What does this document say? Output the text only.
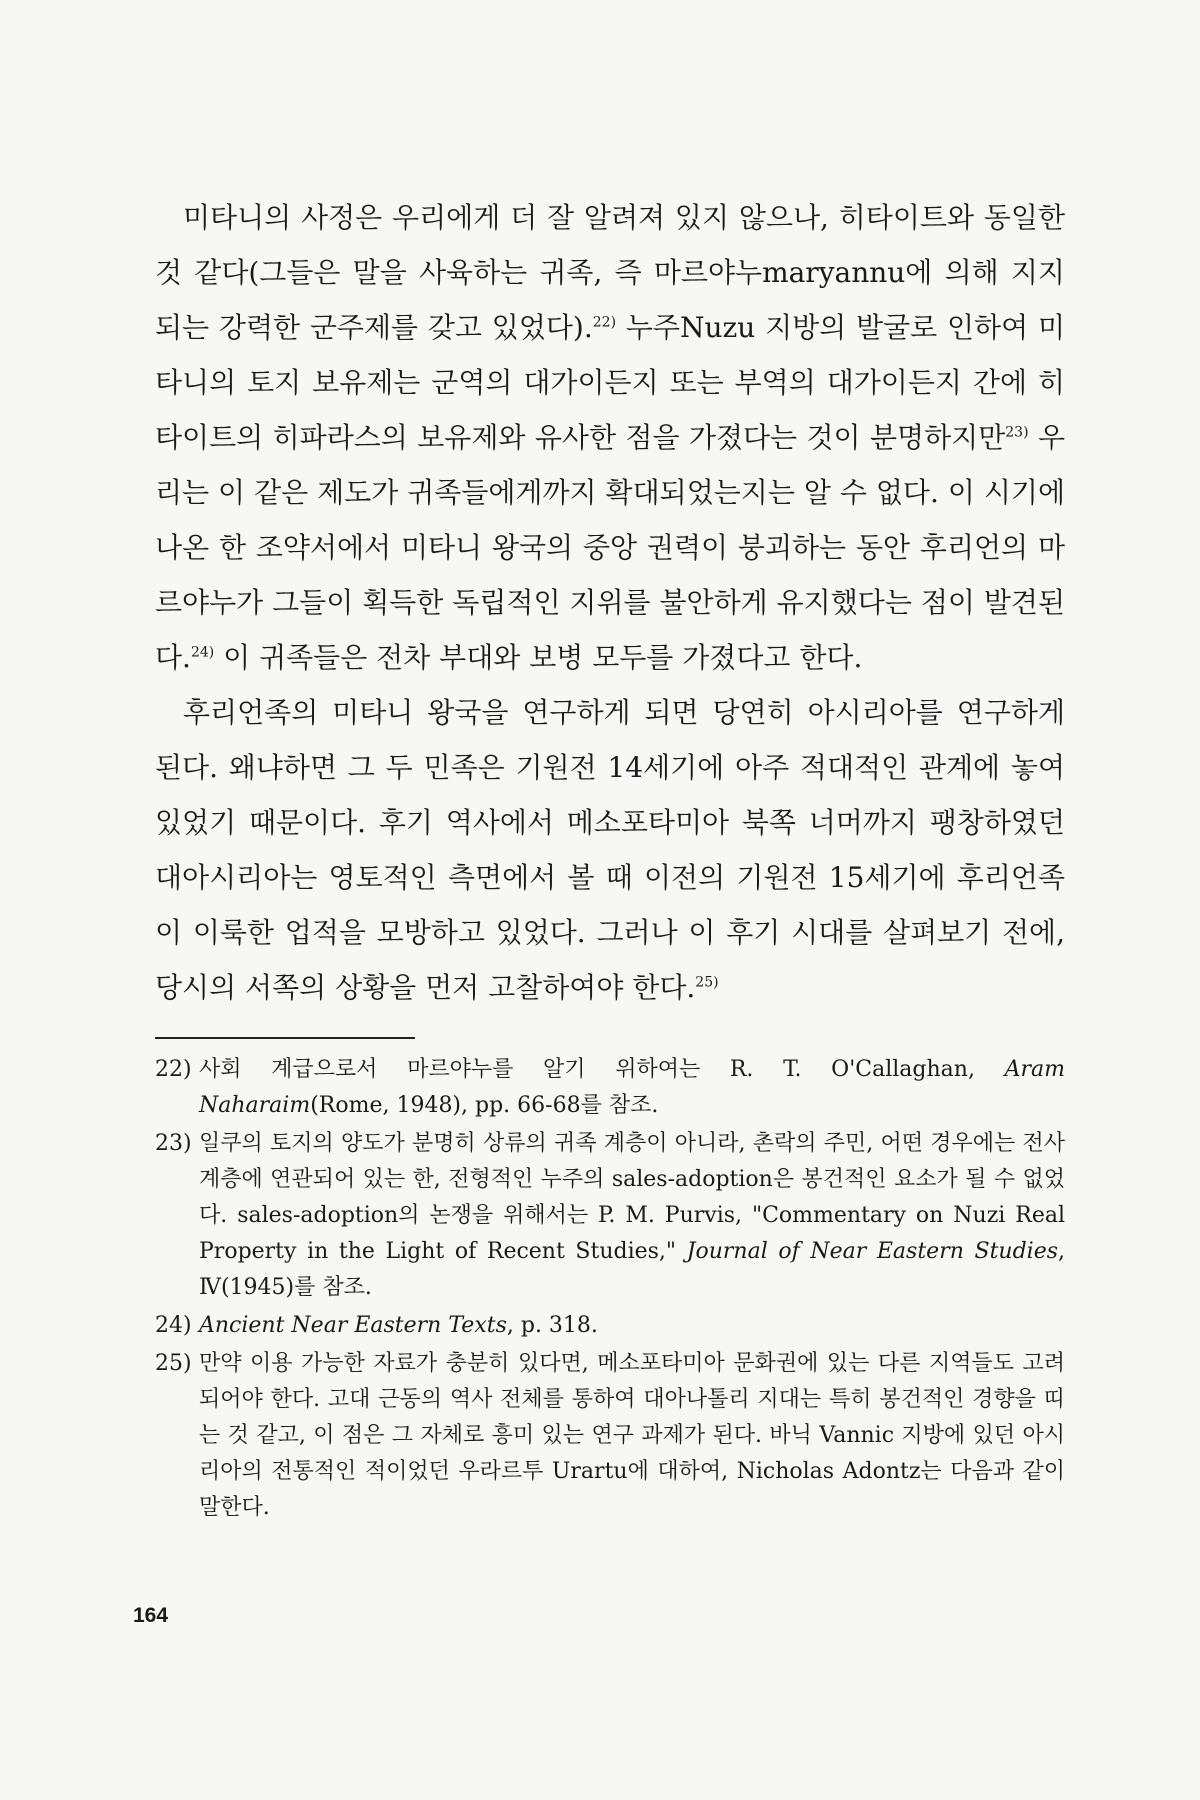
미타니의 사정은 우리에게 더 잘 알려져 있지 않으나, 히타이트와 동일한 것 같다(그들은 말을 사육하는 귀족, 즉 마르야누maryannu에 의해 지지되는 강력한 군주제를 갖고 있었다).$^{22)}$ 누주Nuzu 지방의 발굴로 인하여 미타니의 토지 보유제는 군역의 대가이든지 또는 부역의 대가이든지 간에 히타이트의 히파라스의 보유제와 유사한 점을 가졌다는 것이 분명하지만$^{23)}$ 우리는 이 같은 제도가 귀족들에게까지 확대되었는지는 알 수 없다. 이 시기에 나온 한 조약서에서 미타니 왕국의 중앙 권력이 붕괴하는 동안 후리언의 마르야누가 그들이 획득한 독립적인 지위를 불안하게 유지했다는 점이 발견된다.$^{24)}$ 이 귀족들은 전차 부대와 보병 모두를 가졌다고 한다.

후리언족의 미타니 왕국을 연구하게 되면 당연히 아시리아를 연구하게 된다. 왜냐하면 그 두 민족은 기원전 14세기에 아주 적대적인 관계에 놓여 있었기 때문이다. 후기 역사에서 메소포타미아 북쪽 너머까지 팽창하였던 대아시리아는 영토적인 측면에서 볼 때 이전의 기원전 15세기에 후리언족이 이룩한 업적을 모방하고 있었다. 그러나 이 후기 시대를 살펴보기 전에, 당시의 서쪽의 상황을 먼저 고찰하여야 한다.$^{25)}$

22) 사회 계급으로서 마르야누를 알기 위하여는 R. T. O'Callaghan, Aram Naharaim(Rome, 1948), pp. 66-68를 참조.
23) 일쿠의 토지의 양도가 분명히 상류의 귀족 계층이 아니라, 촌락의 주민, 어떤 경우에는 전사 계층에 연관되어 있는 한, 전형적인 누주의 sales-adoption은 봉건적인 요소가 될 수 없었다. sales-adoption의 논쟁을 위해서는 P. M. Purvis, "Commentary on Nuzi Real Property in the Light of Recent Studies," Journal of Near Eastern Studies, Ⅳ(1945)를 참조.
24) Ancient Near Eastern Texts, p. 318.
25) 만약 이용 가능한 자료가 충분히 있다면, 메소포타미아 문화권에 있는 다른 지역들도 고려되어야 한다. 고대 근동의 역사 전체를 통하여 대아나톨리 지대는 특히 봉건적인 경향을 띠는 것 같고, 이 점은 그 자체로 흥미 있는 연구 과제가 된다. 바닉 Vannic 지방에 있던 아시리아의 전통적인 적이었던 우라르투 Urartu에 대하여, Nicholas Adontz는 다음과 같이 말한다.
164
